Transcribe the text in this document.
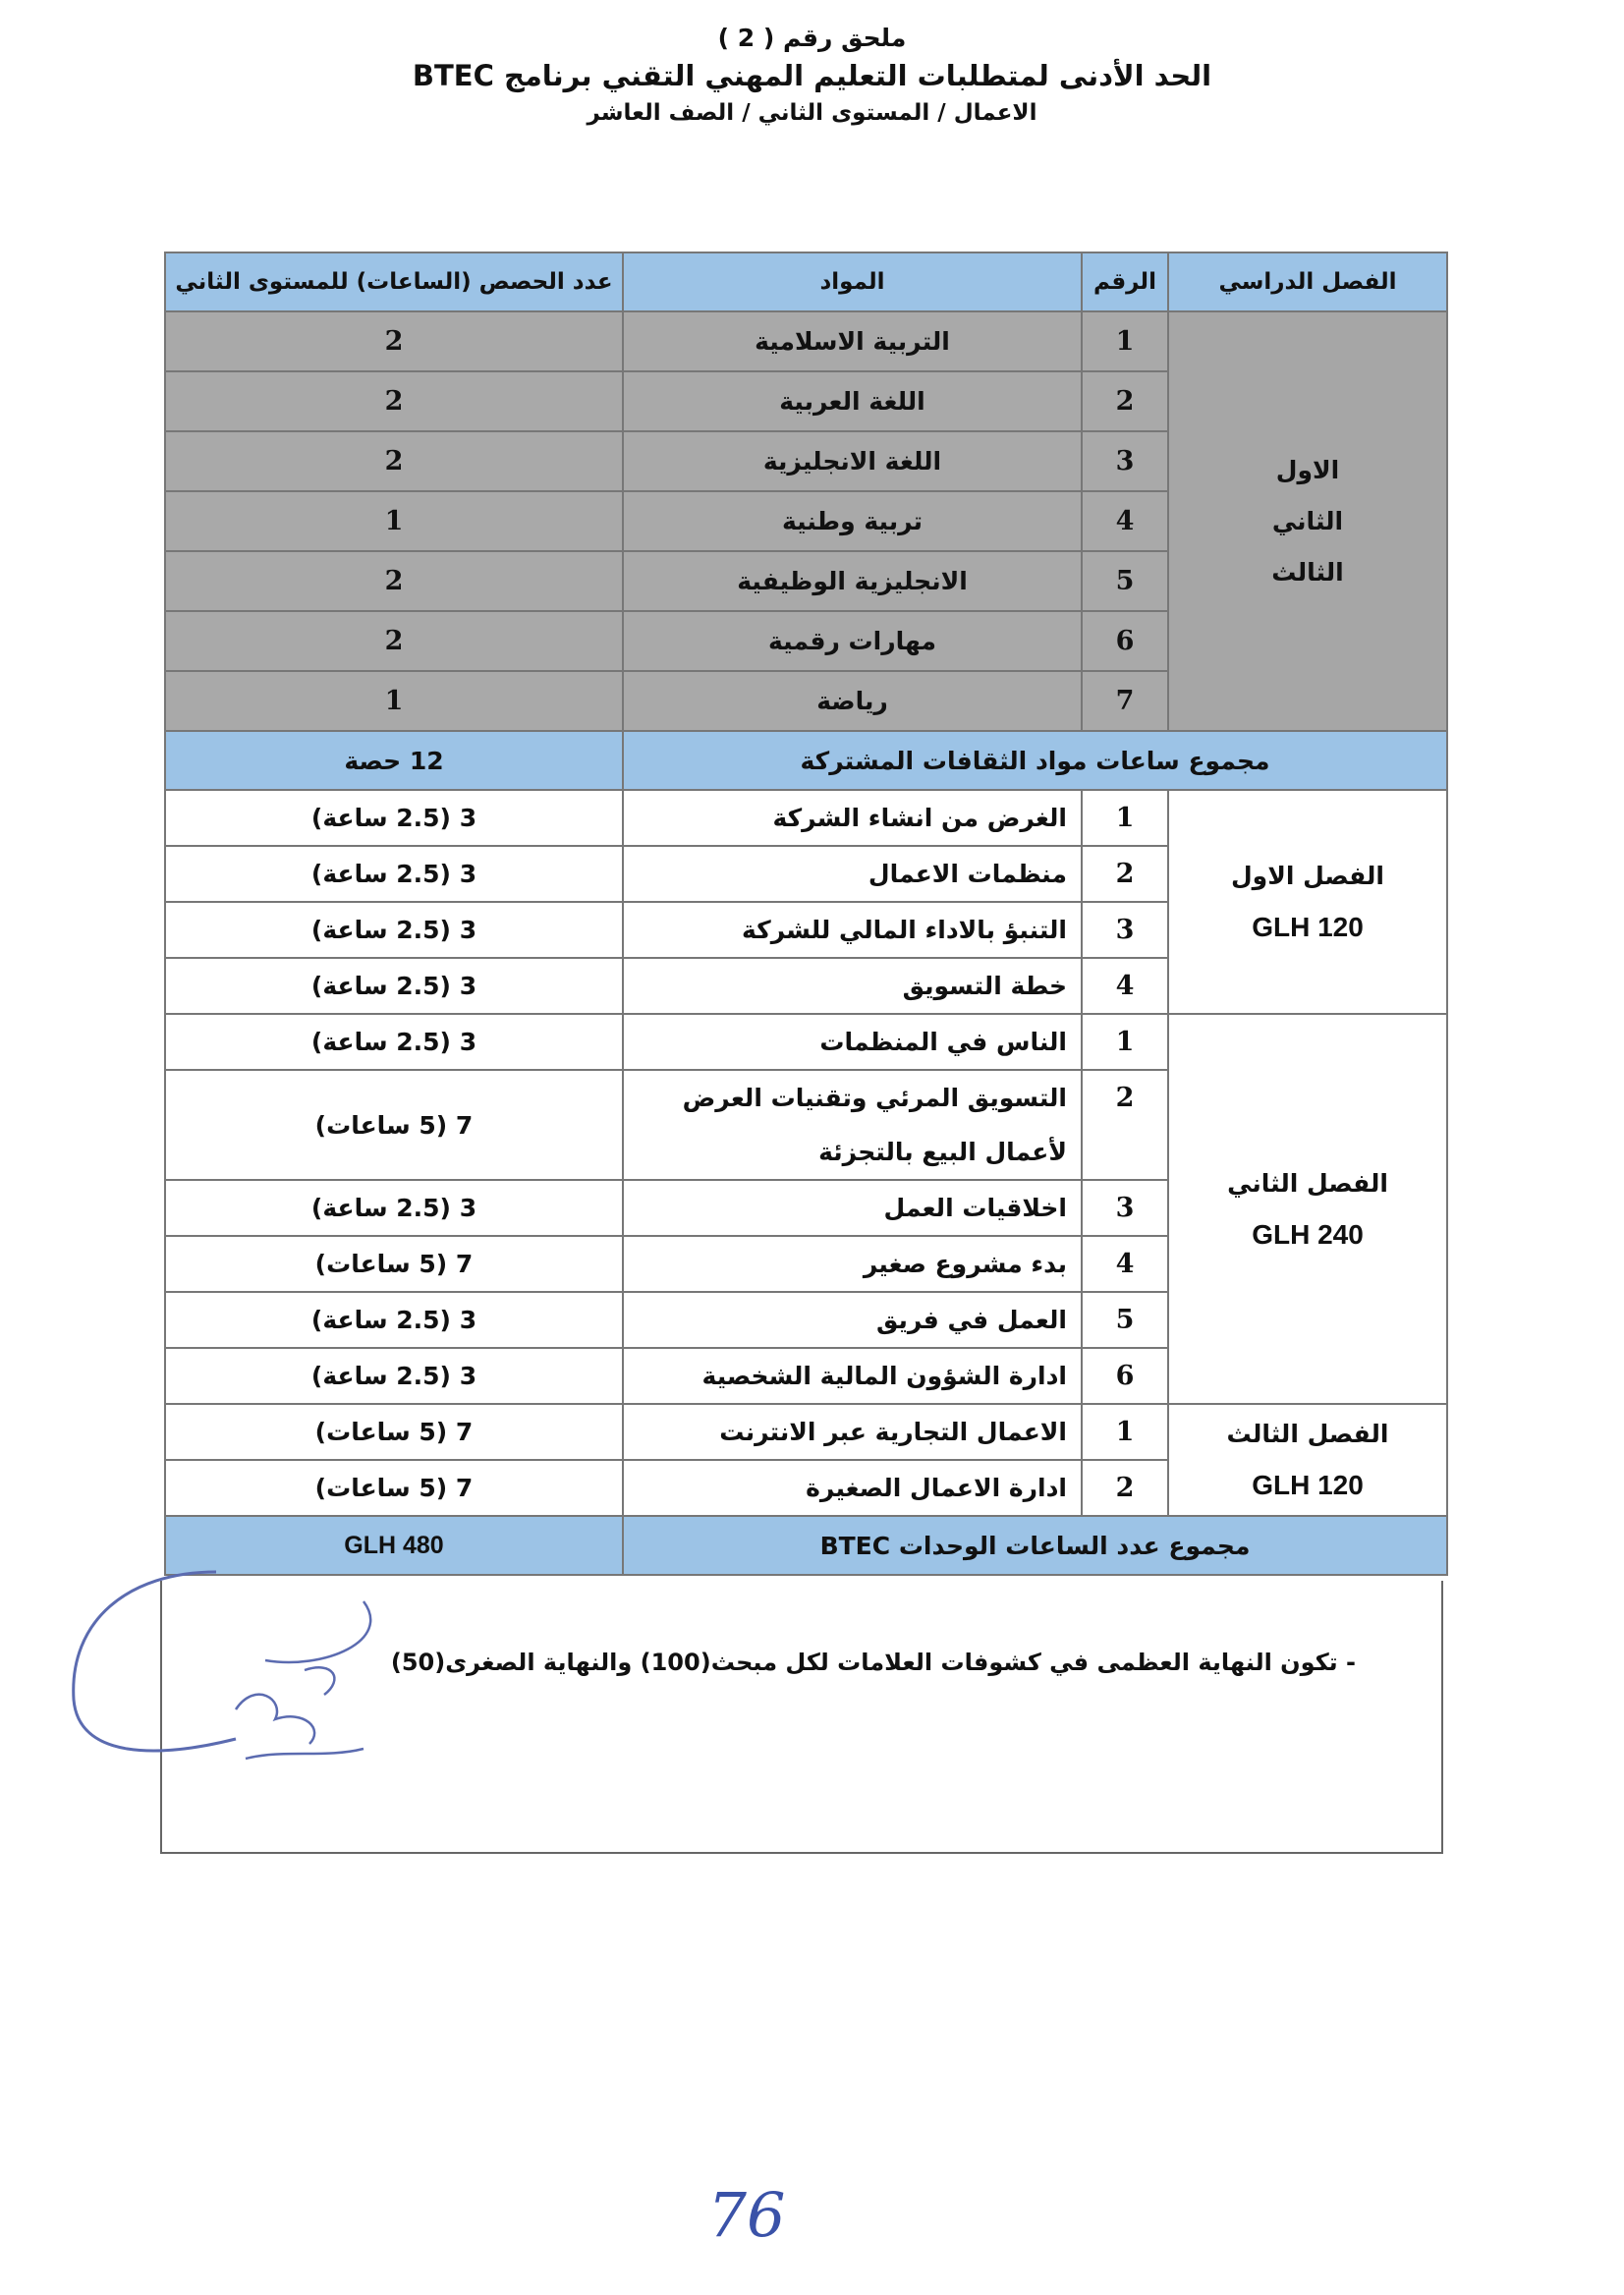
ملحق رقم ( 2 )
الحد الأدنى لمتطلبات التعليم المهني التقني برنامج BTEC
الاعمال / المستوى الثاني / الصف العاشر
الفصل الدراسي	الرقم	المواد	عدد الحصص (الساعات) للمستوى الثاني

الاول
الثاني
الثالث	1	التربية الاسلامية	2
	2	اللغة العربية	2
	3	اللغة الانجليزية	2
	4	تربية وطنية	1
	5	الانجليزية الوظيفية	2
	6	مهارات رقمية	2
	7	رياضة	1
مجموع ساعات مواد الثقافات المشتركة			12 حصة

الفصل الاول
120 GLH	1	الغرض من انشاء الشركة	3 (2.5 ساعة)
	2	منظمات الاعمال	3 (2.5 ساعة)
	3	التنبؤ بالاداء المالي للشركة	3 (2.5 ساعة)
	4	خطة التسويق	3 (2.5 ساعة)

الفصل الثاني
240 GLH	1	الناس في المنظمات	3 (2.5 ساعة)
	2	التسويق المرئي وتقنيات العرض لأعمال البيع بالتجزئة	7 (5 ساعات)
	3	اخلاقيات العمل	3 (2.5 ساعة)
	4	بدء مشروع صغير	7 (5 ساعات)
	5	العمل في فريق	3 (2.5 ساعة)
	6	ادارة الشؤون المالية الشخصية	3 (2.5 ساعة)

الفصل الثالث
120 GLH	1	الاعمال التجارية عبر الانترنت	7 (5 ساعات)
	2	ادارة الاعمال الصغيرة	7 (5 ساعات)
مجموع عدد الساعات الوحدات BTEC			480 GLH
- تكون النهاية العظمى في كشوفات العلامات لكل مبحث(100) والنهاية الصغرى(50)
76
